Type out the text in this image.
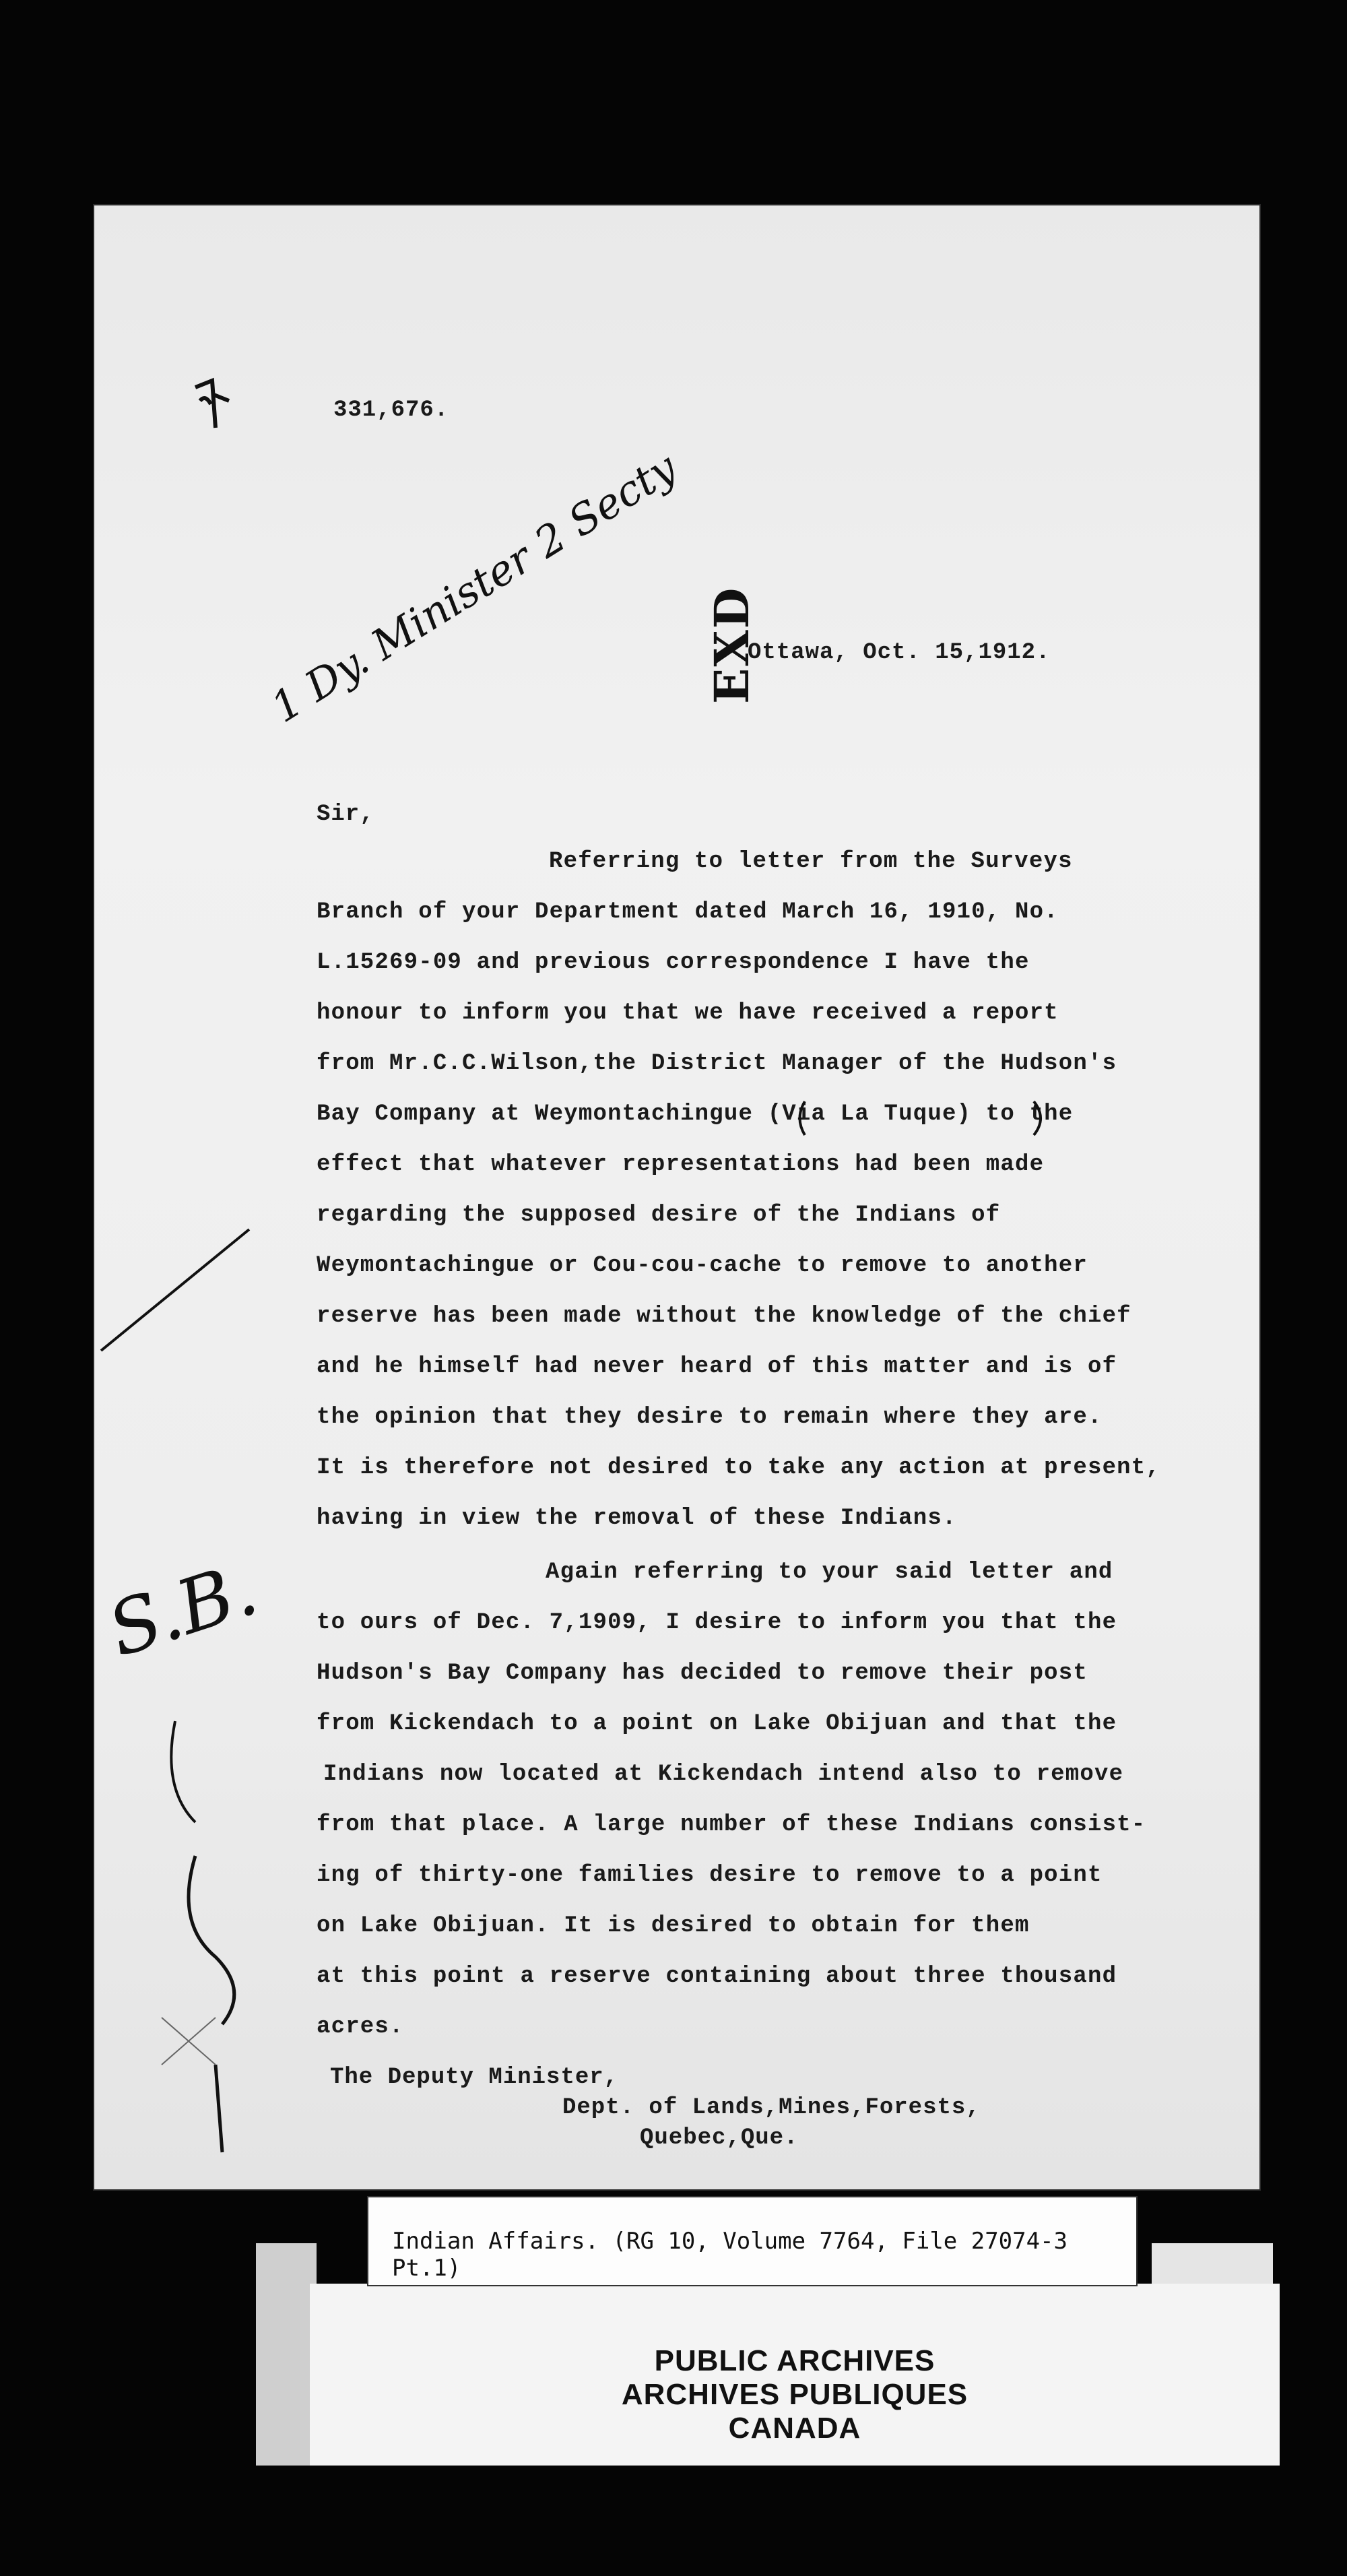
331,676.
1 Dy. Minister 2 Secty EXD
Ottawa, Oct. 15,1912.
Sir,
Referring to letter from the Surveys
Branch of your Department dated March 16, 1910, No.
L.15269-09 and previous correspondence I have the
honour to inform you that we have received a report
from Mr.C.C.Wilson,the District Manager of the Hudson's
Bay Company at Weymontachingue (Via La Tuque) to the
effect that whatever representations had been made
regarding the supposed desire of the Indians of
Weymontachingue or Cou-cou-cache to remove to another
reserve has been made without the knowledge of the chief
and he himself had never heard of this matter and is of
the opinion that they desire to remain where they are.
It is therefore not desired to take any action at present,
having in view the removal of these Indians.
Again referring to your said letter and
to ours of Dec. 7,1909, I desire to inform you that the
Hudson's Bay Company has decided to remove their post
from Kickendach to a point on Lake Obijuan and that the
Indians now located at Kickendach intend also to remove
from that place. A large number of these Indians consist-
ing of thirty-one families desire to remove to a point
on Lake Obijuan. It is desired to obtain for them
at this point a reserve containing about three thousand
acres.
The Deputy Minister,
Dept. of Lands,Mines,Forests,
Quebec,Que.
S.B.
PUBLIC ARCHIVES
ARCHIVES PUBLIQUES
CANADA
Indian Affairs. (RG 10, Volume 7764, File 27074-3 Pt.1)
